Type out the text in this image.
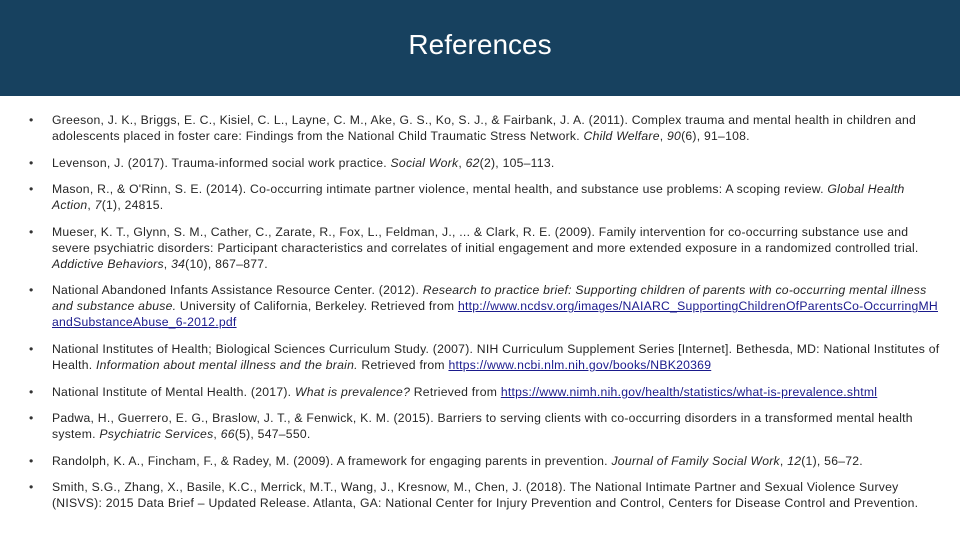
References
• Greeson, J. K., Briggs, E. C., Kisiel, C. L., Layne, C. M., Ake, G. S., Ko, S. J., & Fairbank, J. A. (2011). Complex trauma and mental health in children and adolescents placed in foster care: Findings from the National Child Traumatic Stress Network. Child Welfare, 90(6), 91–108.
• Levenson, J. (2017). Trauma-informed social work practice. Social Work, 62(2), 105–113.
• Mason, R., & O'Rinn, S. E. (2014). Co-occurring intimate partner violence, mental health, and substance use problems: A scoping review. Global Health Action, 7(1), 24815.
• Mueser, K. T., Glynn, S. M., Cather, C., Zarate, R., Fox, L., Feldman, J., ... & Clark, R. E. (2009). Family intervention for co-occurring substance use and severe psychiatric disorders: Participant characteristics and correlates of initial engagement and more extended exposure in a randomized controlled trial. Addictive Behaviors, 34(10), 867–877.
• National Abandoned Infants Assistance Resource Center. (2012). Research to practice brief: Supporting children of parents with co-occurring mental illness and substance abuse. University of California, Berkeley. Retrieved from http://www.ncdsv.org/images/NAIARC_SupportingChildrenOfParentsCo-OccurringMHandSubstanceAbuse_6-2012.pdf
• National Institutes of Health; Biological Sciences Curriculum Study. (2007). NIH Curriculum Supplement Series [Internet]. Bethesda, MD: National Institutes of Health. Information about mental illness and the brain. Retrieved from https://www.ncbi.nlm.nih.gov/books/NBK20369
• National Institute of Mental Health. (2017). What is prevalence? Retrieved from https://www.nimh.nih.gov/health/statistics/what-is-prevalence.shtml
• Padwa, H., Guerrero, E. G., Braslow, J. T., & Fenwick, K. M. (2015). Barriers to serving clients with co-occurring disorders in a transformed mental health system. Psychiatric Services, 66(5), 547–550.
• Randolph, K. A., Fincham, F., & Radey, M. (2009). A framework for engaging parents in prevention. Journal of Family Social Work, 12(1), 56–72.
• Smith, S.G., Zhang, X., Basile, K.C., Merrick, M.T., Wang, J., Kresnow, M., Chen, J. (2018). The National Intimate Partner and Sexual Violence Survey (NISVS): 2015 Data Brief – Updated Release. Atlanta, GA: National Center for Injury Prevention and Control, Centers for Disease Control and Prevention.
